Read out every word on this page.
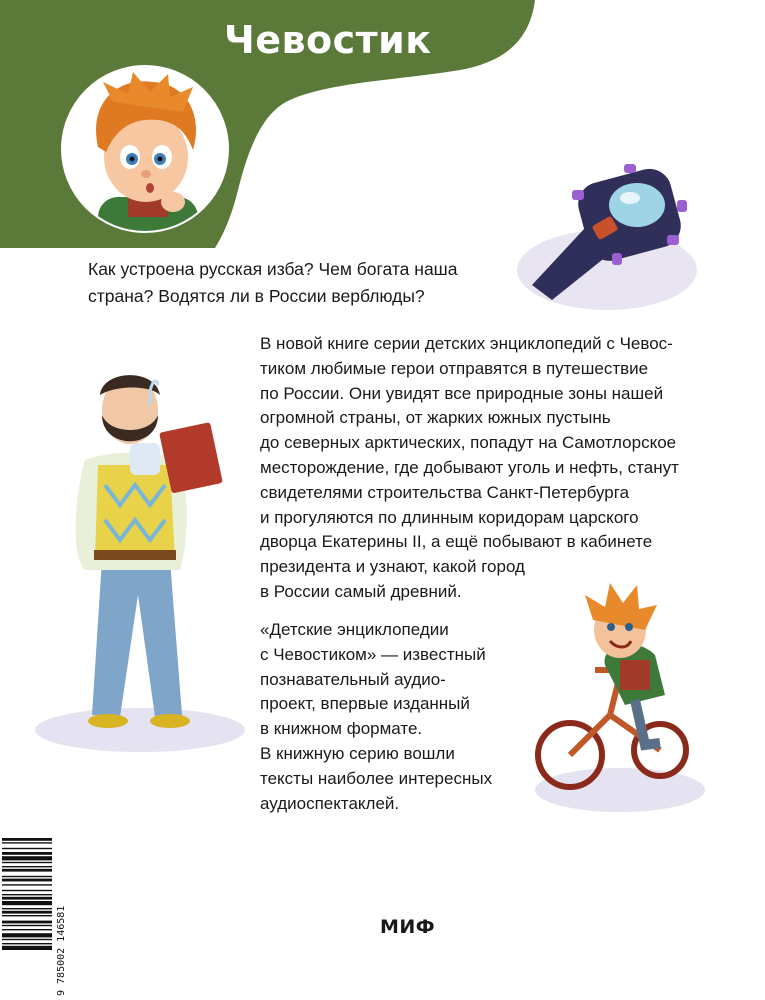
Чевостик
Как устроена русская изба? Чем богата наша
страна? Водятся ли в России верблюды?
В новой книге серии детских энциклопедий с Чевос-
тиком любимые герои отправятся в путешествие
по России. Они увидят все природные зоны нашей
огромной страны, от жарких южных пустынь
до северных арктических, попадут на Самотлорское
месторождение, где добывают уголь и нефть, станут
свидетелями строительства Санкт-Петербурга
и прогуляются по длинным коридорам царского
дворца Екатерины II, а ещё побывают в кабинете
президента и узнают, какой город
в России самый древний.
«Детские энциклопедии
с Чевостиком» — известный
познавательный аудио-
проект, впервые изданный
в книжном формате.
В книжную серию вошли
тексты наиболее интересных
аудиоспектаклей.
9 785002 146581	МИФ
